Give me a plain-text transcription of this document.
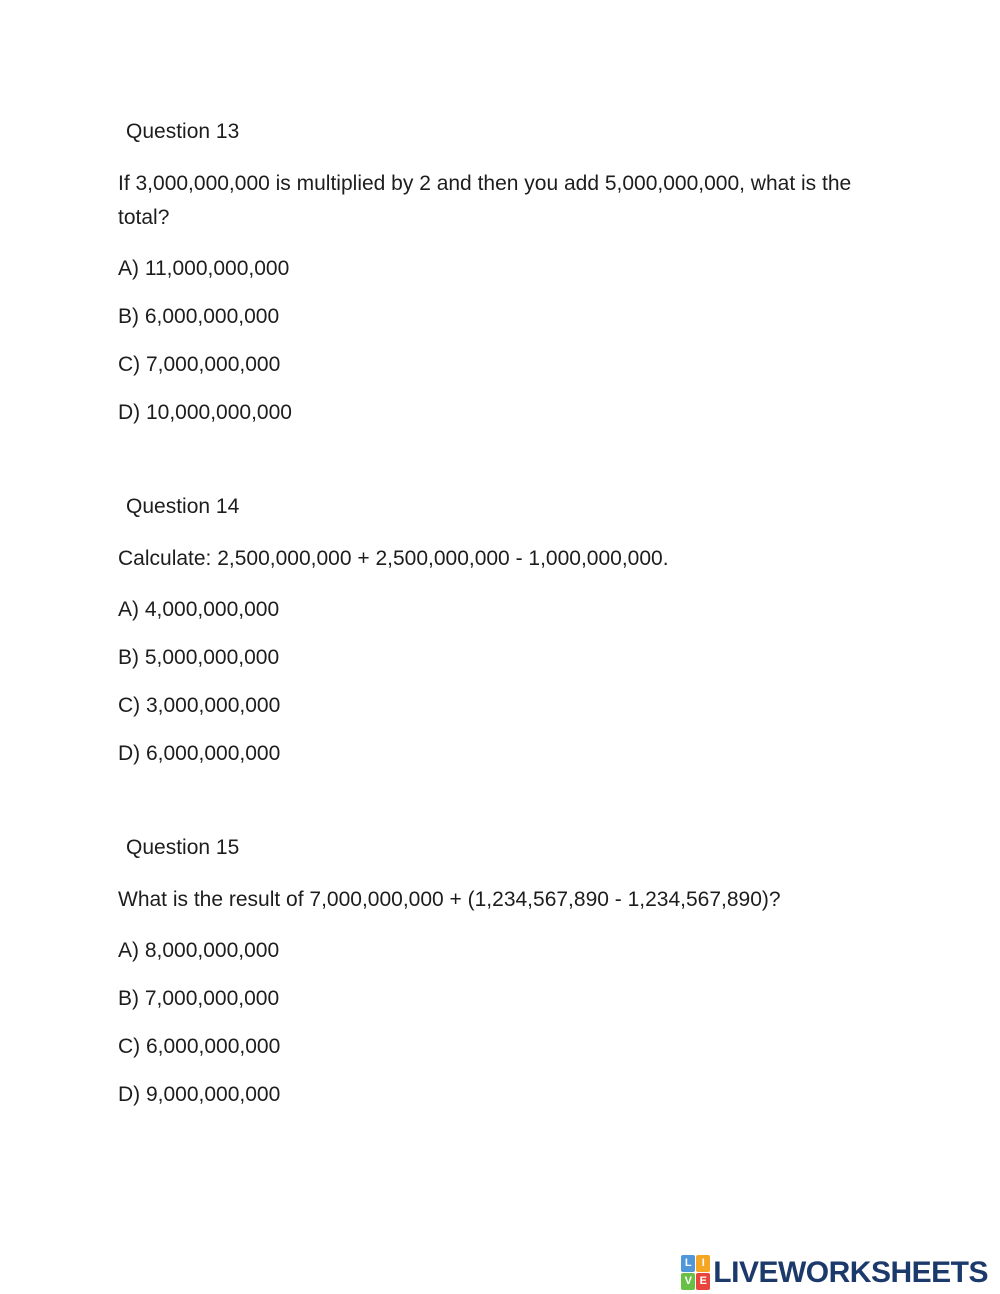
Question 13

If 3,000,000,000 is multiplied by 2 and then you add 5,000,000,000, what is the total?

A) 11,000,000,000
B) 6,000,000,000
C) 7,000,000,000
D) 10,000,000,000

Question 14

Calculate: 2,500,000,000 + 2,500,000,000 - 1,000,000,000.

A) 4,000,000,000
B) 5,000,000,000
C) 3,000,000,000
D) 6,000,000,000

Question 15

What is the result of 7,000,000,000 + (1,234,567,890 - 1,234,567,890)?

A) 8,000,000,000
B) 7,000,000,000
C) 6,000,000,000
D) 9,000,000,000
L I
V E LIVEWORKSHEETS
